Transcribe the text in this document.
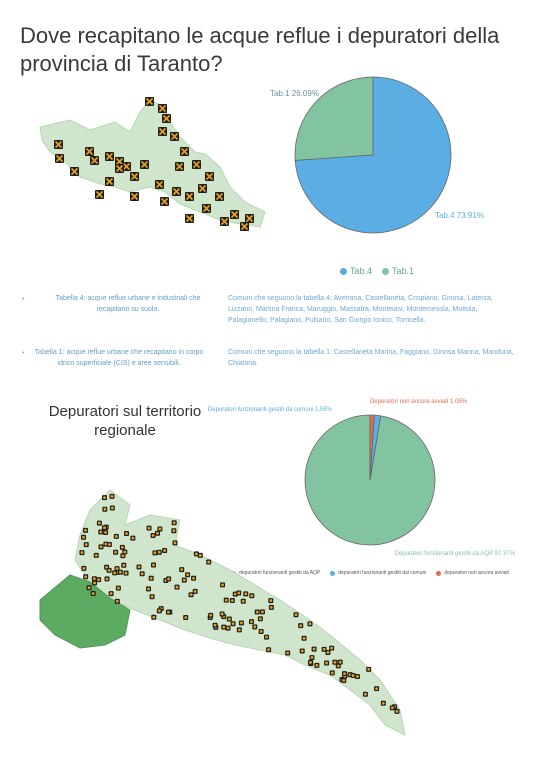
Dove recapitano le acque reflue i depuratori della provincia di Taranto?
Tab.4 73.91%
Tab.1 26.09%
Tab.4 Tab.1
•	Tabella 4: acque reflue urbane e industriali che recapitano su suolo.
Comuni che seguono la tabella 4: Avetrana, Castellaneta, Crispiano, Ginosa, Laterza, Lizzano, Martina Franca, Maruggio, Massafra, Monteiasi, Montemesola, Mottola, Palagianello, Palagiano, Pulsano, San Giorgio Ionico, Torricella.
•	Tabella 1: acque reflue urbane che recapitano in corpo idrico superficiale (CIS) e aree sensibili.
Comuni che seguono la tabella 1: Castellaneta Marina, Faggiano, Ginosa Marina, Manduria, Chiatona.
Depuratori sul territorio regionale
Depuratori funzionanti gestiti da AQP 97.37%
Depuratori funzionanti gestiti da comuni 1.58%
Depuratori non ancora avviati 1.05%
depuratori funzionanti gestiti da AQP	depuratori funzionanti gestiti dai comuni	depuratori non ancora avviati
